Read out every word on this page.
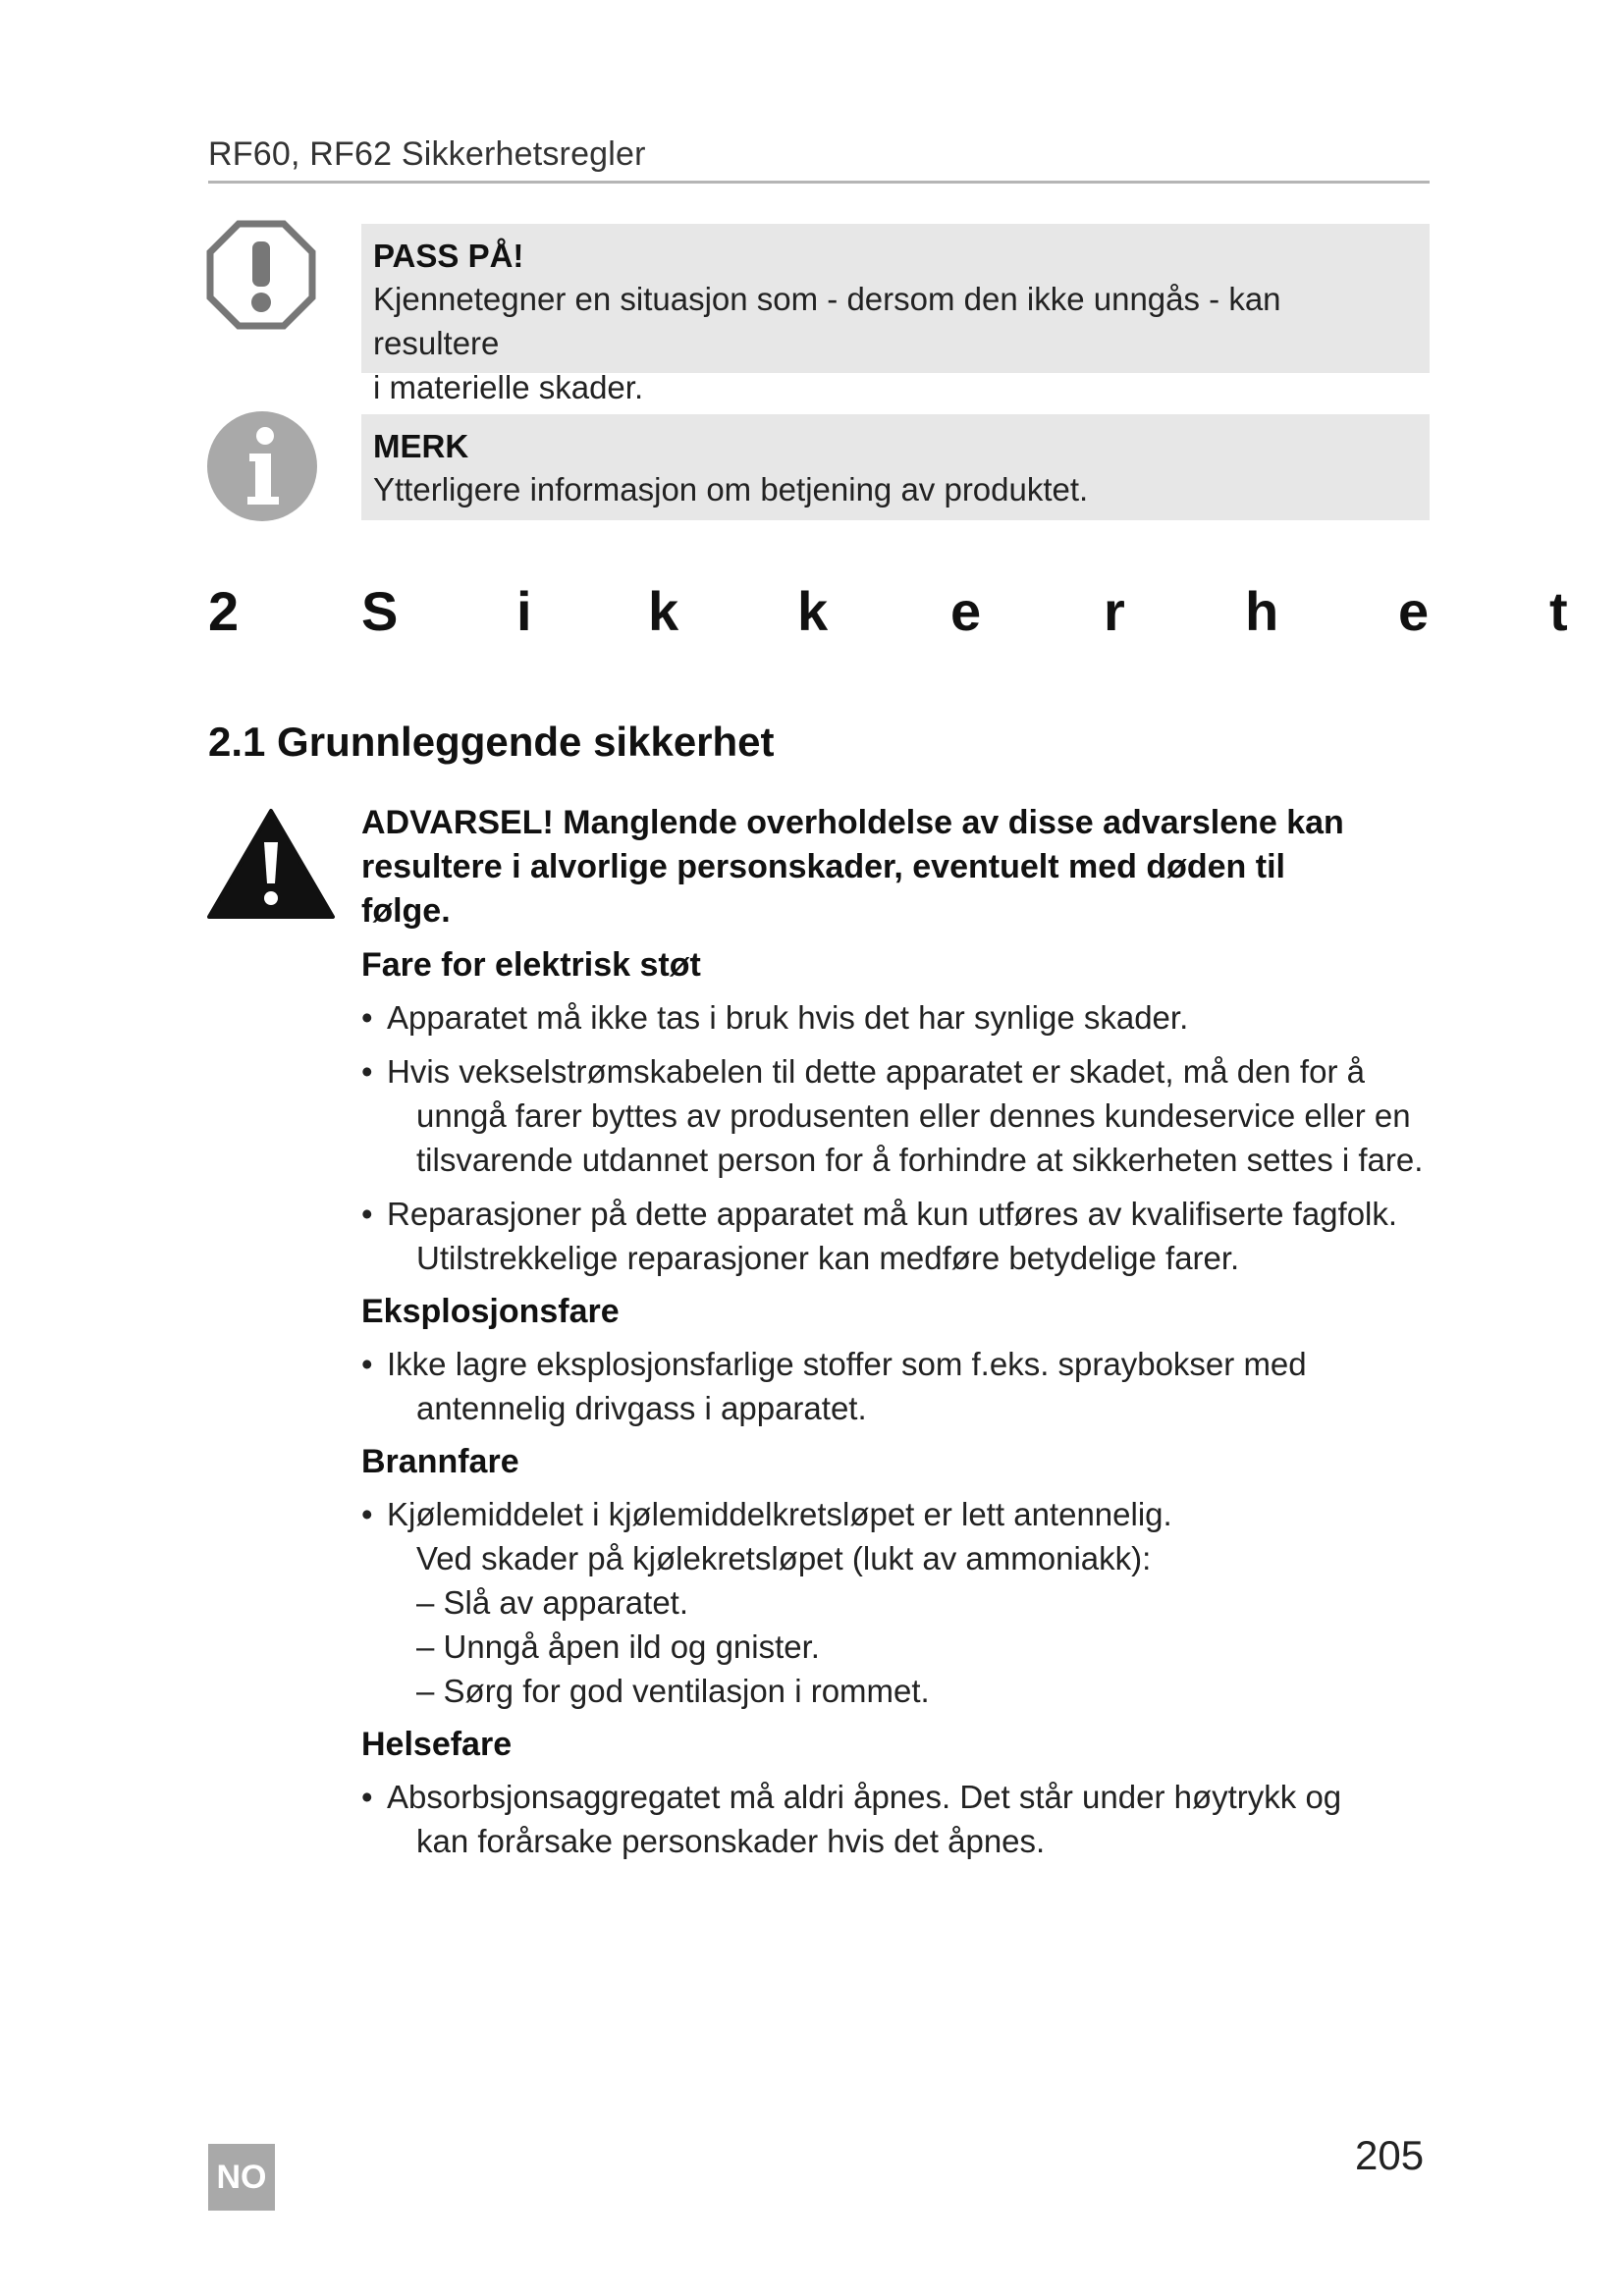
RF60, RF62 Sikkerhetsregler
PASS PÅ!
Kjennetegner en situasjon som - dersom den ikke unngås - kan resultere
i materielle skader.
MERK
Ytterligere informasjon om betjening av produktet.
2 S i k k e r h e t
2.1 Grunnleggende sikkerhet
ADVARSEL! Manglende overholdelse av disse advarslene kan
resultere i alvorlige personskader, eventuelt med døden til
følge.
Fare for elektrisk støt
• Apparatet må ikke tas i bruk hvis det har synlige skader.
• Hvis vekselstrømskabelen til dette apparatet er skadet, må den for å
unngå farer byttes av produsenten eller dennes kundeservice eller en
tilsvarende utdannet person for å forhindre at sikkerheten settes i fare.
• Reparasjoner på dette apparatet må kun utføres av kvalifiserte fagfolk.
Utilstrekkelige reparasjoner kan medføre betydelige farer.
Eksplosjonsfare
• Ikke lagre eksplosjonsfarlige stoffer som f.eks. spraybokser med
antennelig drivgass i apparatet.
Brannfare
• Kjølemiddelet i kjølemiddelkretsløpet er lett antennelig.
Ved skader på kjølekretsløpet (lukt av ammoniakk):
– Slå av apparatet.
– Unngå åpen ild og gnister.
– Sørg for god ventilasjon i rommet.
Helsefare
• Absorbsjonsaggregatet må aldri åpnes. Det står under høytrykk og
kan forårsake personskader hvis det åpnes.
NO	205
